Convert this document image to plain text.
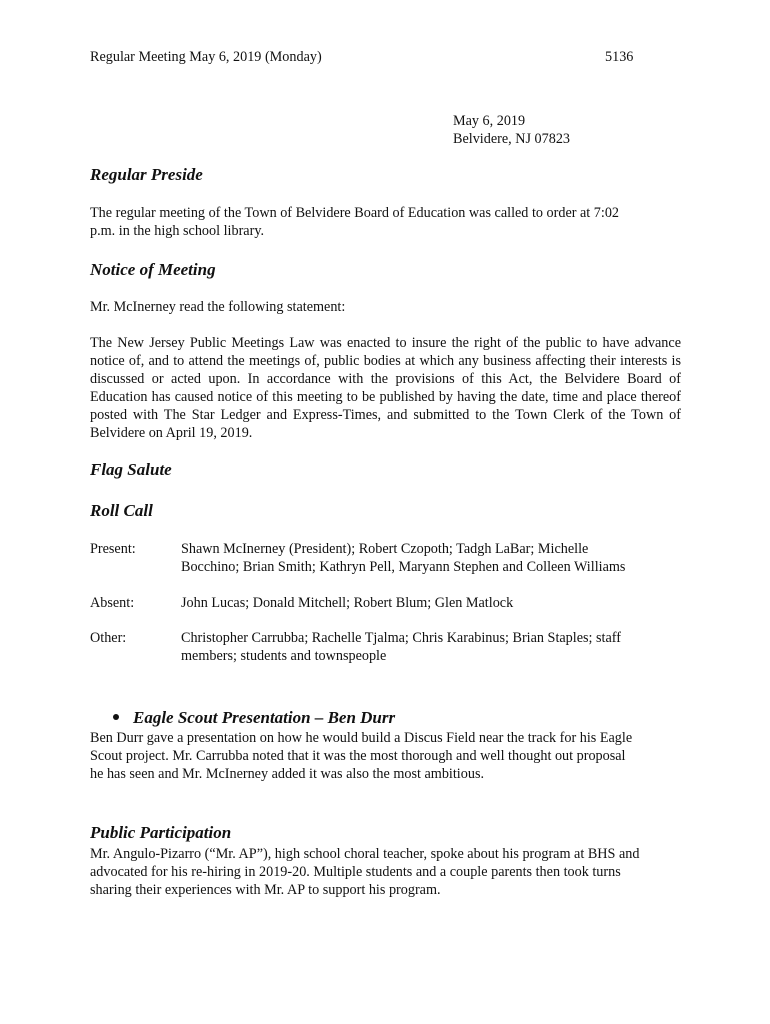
Regular Meeting May 6, 2019 (Monday)	5136
May 6, 2019
Belvidere, NJ 07823
Regular Preside
The regular meeting of the Town of Belvidere Board of Education was called to order at 7:02
p.m. in the high school library.
Notice of Meeting
Mr. McInerney read the following statement:
The New Jersey Public Meetings Law was enacted to insure the right of the public to have advance notice of, and to attend the meetings of, public bodies at which any business affecting their interests is discussed or acted upon. In accordance with the provisions of this Act, the Belvidere Board of Education has caused notice of this meeting to be published by having the date, time and place thereof posted with The Star Ledger and Express-Times, and submitted to the Town Clerk of the Town of Belvidere on April 19, 2019.
Flag Salute
Roll Call
Present:	Shawn McInerney (President); Robert Czopoth; Tadgh LaBar; Michelle
Bocchino; Brian Smith; Kathryn Pell, Maryann Stephen and Colleen Williams
Absent:	John Lucas; Donald Mitchell; Robert Blum; Glen Matlock
Other:	Christopher Carrubba; Rachelle Tjalma; Chris Karabinus; Brian Staples; staff
members; students and townspeople
Eagle Scout Presentation – Ben Durr
Ben Durr gave a presentation on how he would build a Discus Field near the track for his Eagle
Scout project. Mr. Carrubba noted that it was the most thorough and well thought out proposal
he has seen and Mr. McInerney added it was also the most ambitious.
Public Participation
Mr. Angulo-Pizarro (“Mr. AP”), high school choral teacher, spoke about his program at BHS and
advocated for his re-hiring in 2019-20. Multiple students and a couple parents then took turns
sharing their experiences with Mr. AP to support his program.
